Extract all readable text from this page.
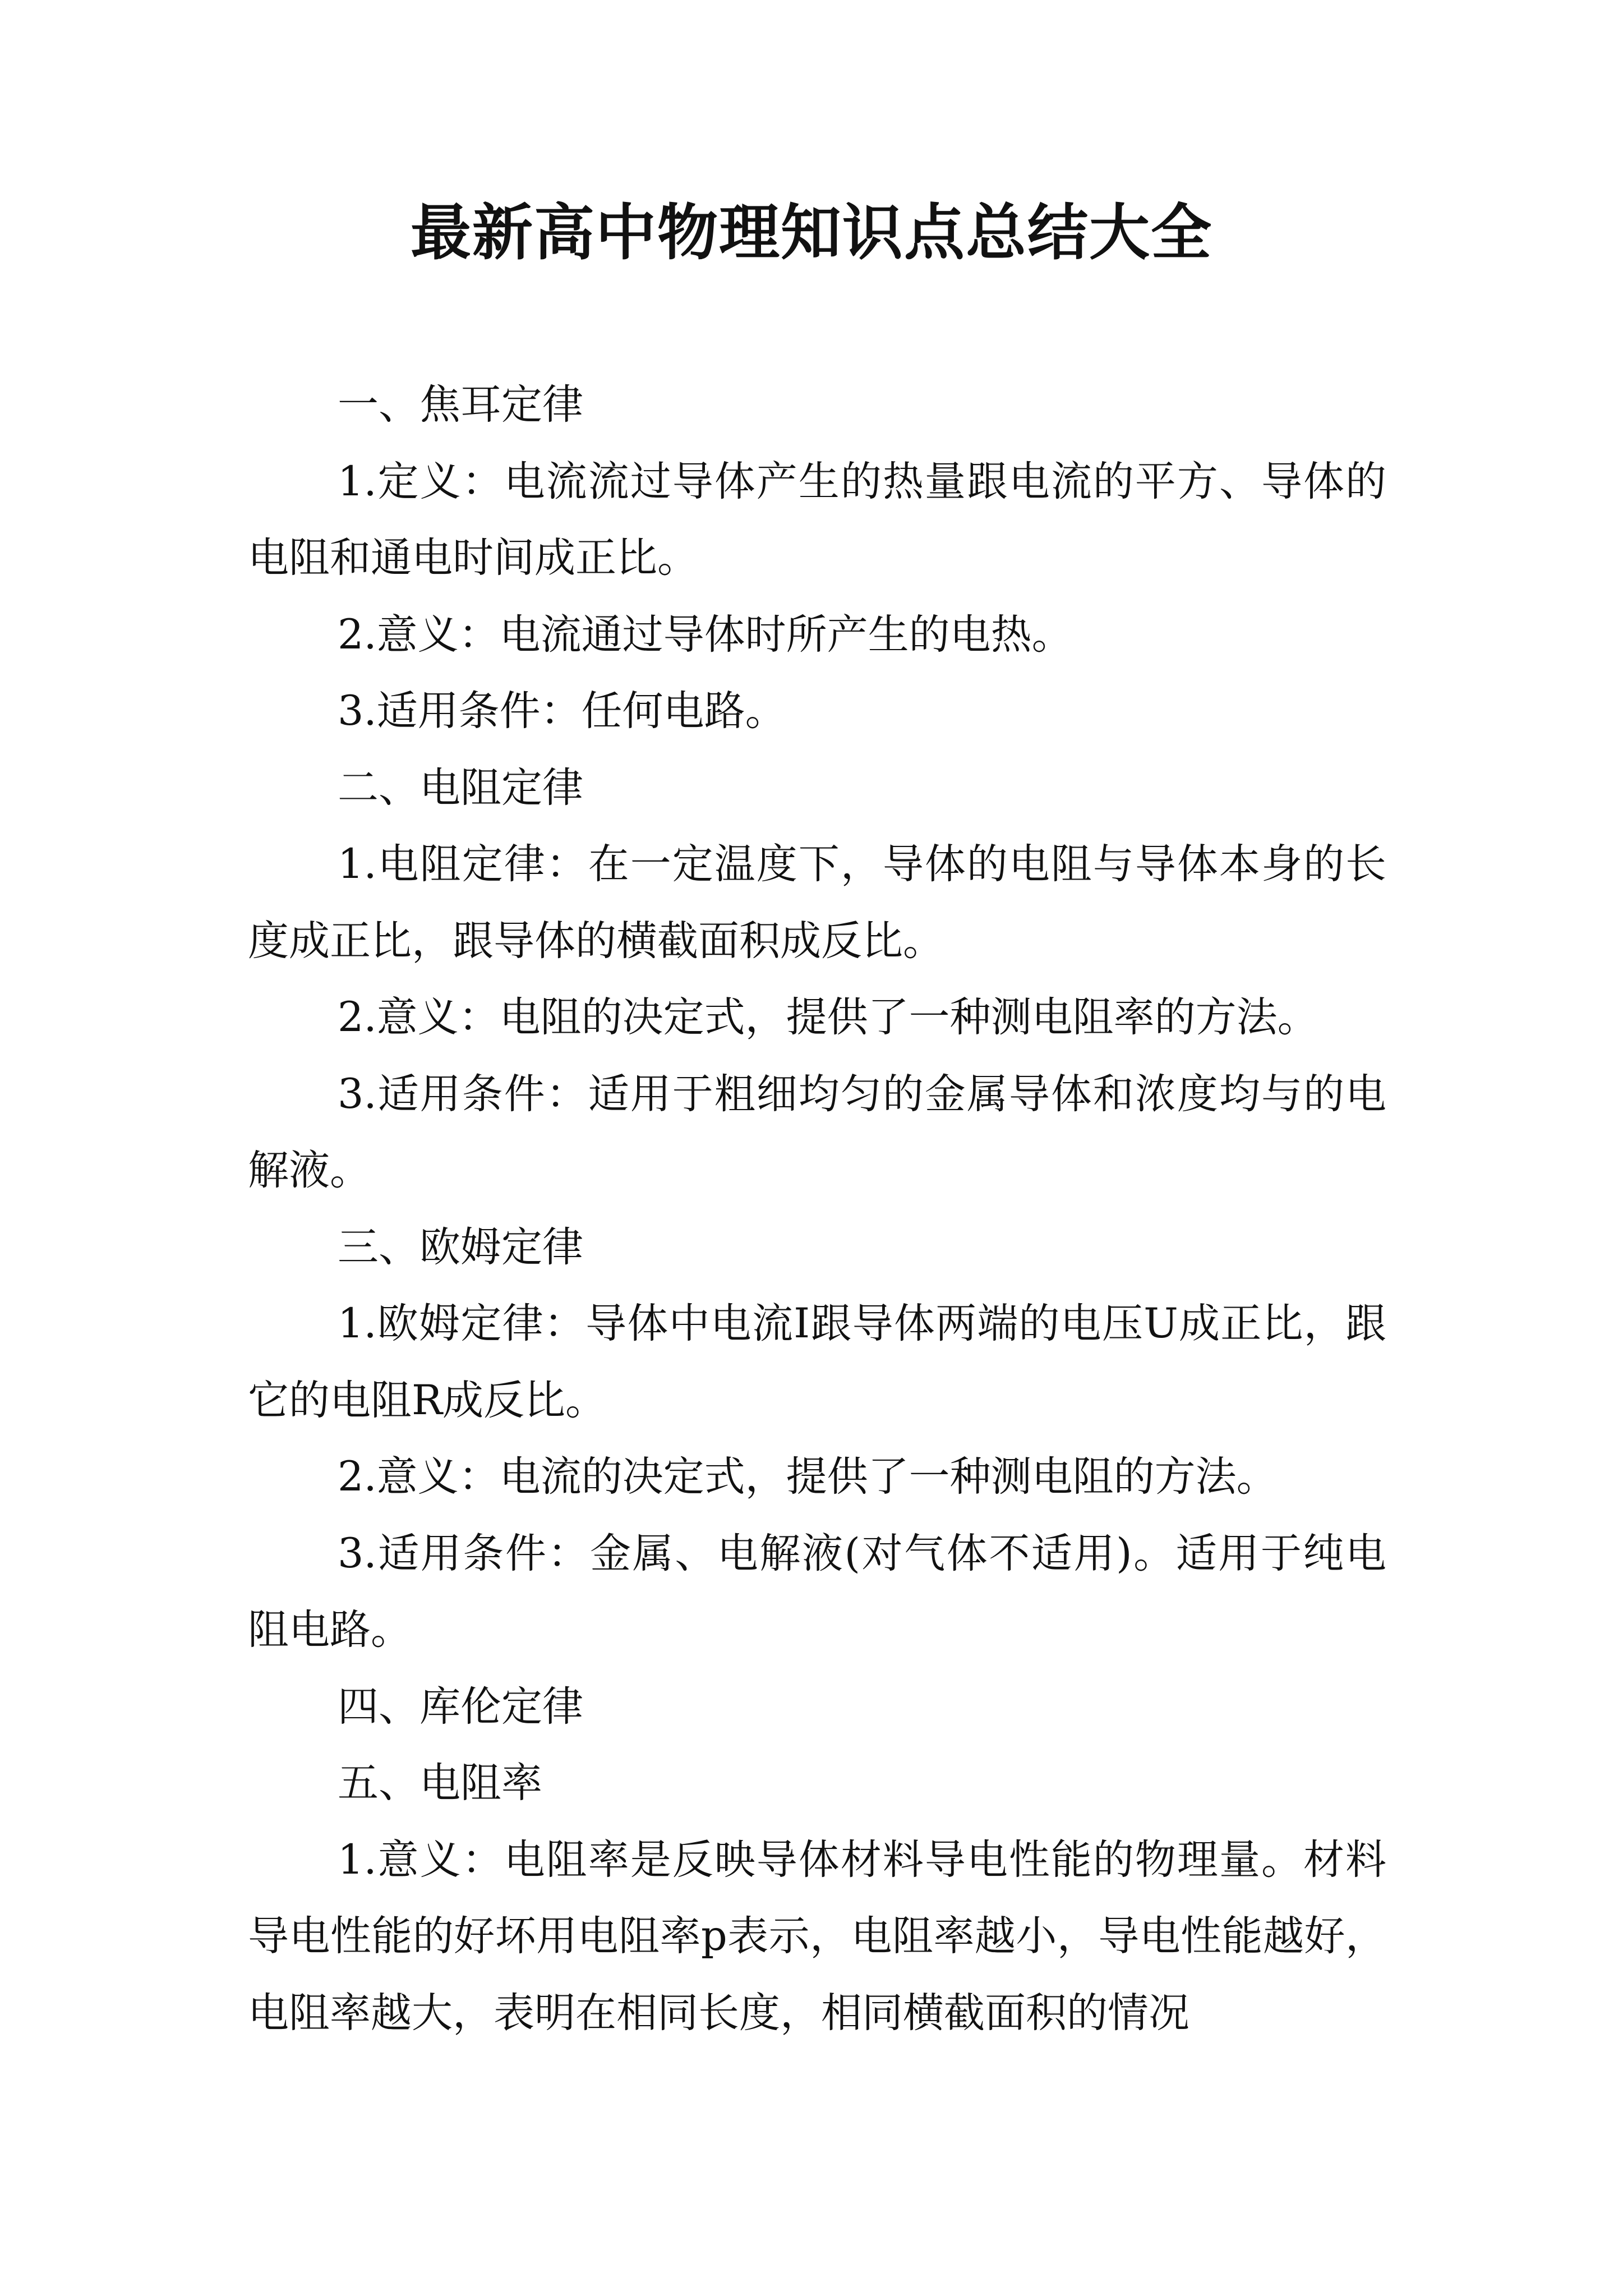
最新高中物理知识点总结大全

一、焦耳定律

1.定义：电流流过导体产生的热量跟电流的平方、导体的电阻和通电时间成正比。

2.意义：电流通过导体时所产生的电热。

3.适用条件：任何电路。

二、电阻定律

1.电阻定律：在一定温度下，导体的电阻与导体本身的长度成正比，跟导体的横截面积成反比。

2.意义：电阻的决定式，提供了一种测电阻率的方法。

3.适用条件：适用于粗细均匀的金属导体和浓度均与的电解液。

三、欧姆定律

1.欧姆定律：导体中电流I跟导体两端的电压U成正比，跟它的电阻R成反比。

2.意义：电流的决定式，提供了一种测电阻的方法。

3.适用条件：金属、电解液(对气体不适用)。适用于纯电阻电路。

四、库伦定律

五、电阻率

1.意义：电阻率是反映导体材料导电性能的物理量。材料导电性能的好坏用电阻率p表示，电阻率越小，导电性能越好，电阻率越大，表明在相同长度，相同横截面积的情况
